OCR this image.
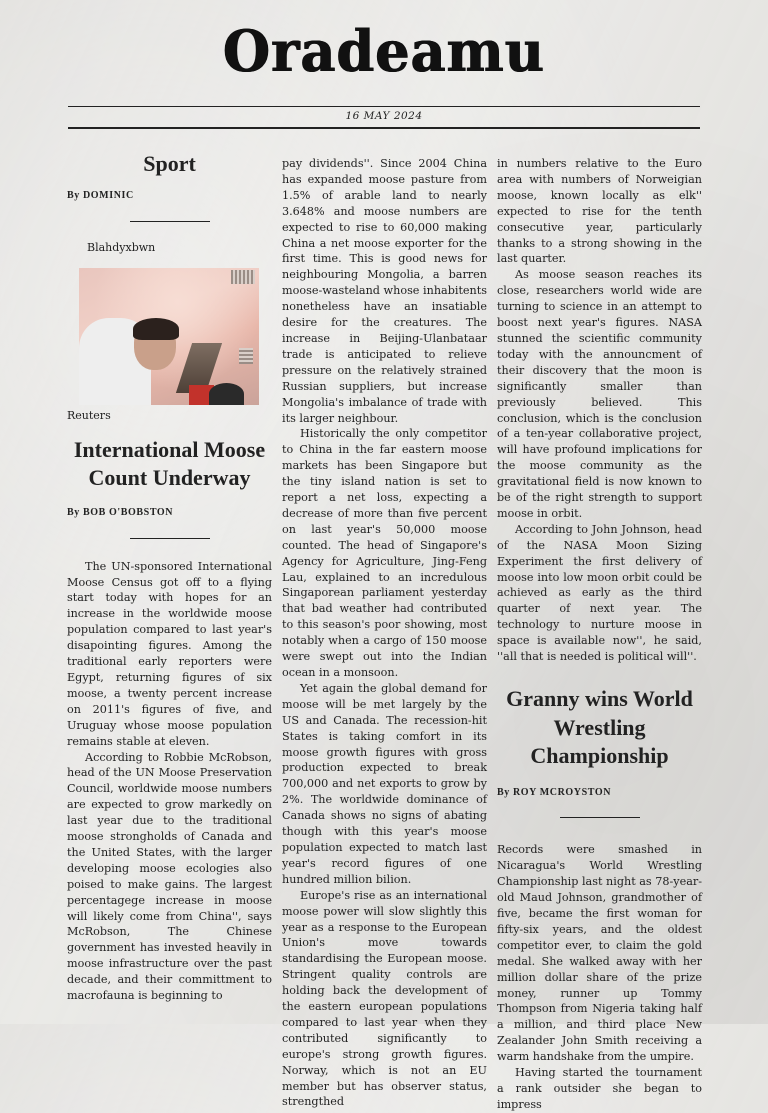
Oradeamu
16 MAY 2024
Sport

By DOMINIC

Blahdyxbwn

Reuters

International Moose Count Underway

By BOB O'BOBSTON

The UN-sponsored International Moose Census got off to a flying start today with hopes for an increase in the worldwide moose population compared to last year's disapointing figures. Among the traditional early reporters were Egypt, returning figures of six moose, a twenty percent increase on 2011's figures of five, and Uruguay whose moose population remains stable at eleven.

According to Robbie McRobson, head of the UN Moose Preservation Council, worldwide moose numbers are expected to grow markedly on last year due to the traditional moose strongholds of Canada and the United States, with the larger developing moose ecologies also poised to make gains. The largest percentagege increase in moose will likely come from China'', says McRobson, The Chinese government has invested heavily in moose infrastructure over the past decade, and their committment to macrofauna is beginning to

pay dividends''. Since 2004 China has expanded moose pasture from 1.5% of arable land to nearly 3.648% and moose numbers are expected to rise to 60,000 making China a net moose exporter for the first time. This is good news for neighbouring Mongolia, a barren moose-wasteland whose inhabitents nonetheless have an insatiable desire for the creatures. The increase in Beijing-Ulanbataar trade is anticipated to relieve pressure on the relatively strained Russian suppliers, but increase Mongolia's imbalance of trade with its larger neighbour.

Historically the only competitor to China in the far eastern moose markets has been Singapore but the tiny island nation is set to report a net loss, expecting a decrease of more than five percent on last year's 50,000 moose counted. The head of Singapore's Agency for Agriculture, Jing-Feng Lau, explained to an incredulous Singaporean parliament yesterday that bad weather had contributed to this season's poor showing, most notably when a cargo of 150 moose were swept out into the Indian ocean in a monsoon.

Yet again the global demand for moose will be met largely by the US and Canada. The recession-hit States is taking comfort in its moose growth figures with gross production expected to break 700,000 and net exports to grow by 2%. The worldwide dominance of Canada shows no signs of abating though with this year's moose population expected to match last year's record figures of one hundred million bilion.

Europe's rise as an international moose power will slow slightly this year as a response to the European Union's move towards standardising the European moose. Stringent quality controls are holding back the development of the eastern european populations compared to last year when they contributed significantly to europe's strong growth figures. Norway, which is not an EU member but has observer status, strengthed

in numbers relative to the Euro area with numbers of Norweigian moose, known locally as elk'' expected to rise for the tenth consecutive year, particularly thanks to a strong showing in the last quarter.

As moose season reaches its close, researchers world wide are turning to science in an attempt to boost next year's figures. NASA stunned the scientific community today with the announcment of their discovery that the moon is significantly smaller than previously believed. This conclusion, which is the conclusion of a ten-year collaborative project, will have profound implications for the moose community as the gravitational field is now known to be of the right strength to support moose in orbit.

According to John Johnson, head of the NASA Moon Sizing Experiment the first delivery of moose into low moon orbit could be achieved as early as the third quarter of next year. The technology to nurture moose in space is available now'', he said, ''all that is needed is political will''.

Granny wins World Wrestling Championship

By ROY MCROYSTON

Records were smashed in Nicaragua's World Wrestling Championship last night as 78-year-old Maud Johnson, grandmother of five, became the first woman for fifty-six years, and the oldest competitor ever, to claim the gold medal. She walked away with her million dollar share of the prize money, runner up Tommy Thompson from Nigeria taking half a million, and third place New Zealander John Smith receiving a warm handshake from the umpire.

Having started the tournament a rank outsider she began to impress
